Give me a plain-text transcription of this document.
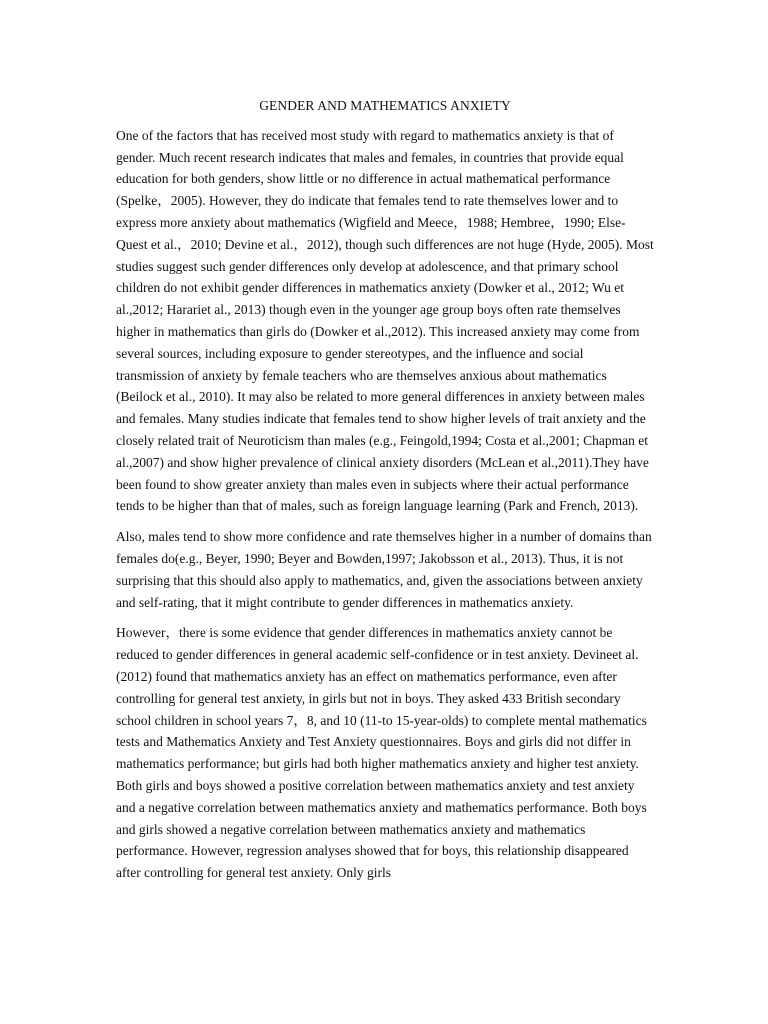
GENDER AND MATHEMATICS ANXIETY

One of the factors that has received most study with regard to mathematics anxiety is that of gender. Much recent research indicates that males and females, in countries that provide equal education for both genders, show little or no difference in actual mathematical performance (Spelke，2005). However, they do indicate that females tend to rate themselves lower and to express more anxiety about mathematics (Wigfield and Meece，1988; Hembree，1990; Else-Quest et al.，2010; Devine et al.，2012), though such differences are not huge (Hyde, 2005). Most studies suggest such gender differences only develop at adolescence, and that primary school children do not exhibit gender differences in mathematics anxiety (Dowker et al., 2012; Wu et al.,2012; Harariet al., 2013) though even in the younger age group boys often rate themselves higher in mathematics than girls do (Dowker et al.,2012). This increased anxiety may come from several sources, including exposure to gender stereotypes, and the influence and social transmission of anxiety by female teachers who are themselves anxious about mathematics (Beilock et al., 2010). It may also be related to more general differences in anxiety between males and females. Many studies indicate that females tend to show higher levels of trait anxiety and the closely related trait of Neuroticism than males (e.g., Feingold,1994; Costa et al.,2001; Chapman et al.,2007) and show higher prevalence of clinical anxiety disorders (McLean et al.,2011).They have been found to show greater anxiety than males even in subjects where their actual performance tends to be higher than that of males, such as foreign language learning (Park and French, 2013).

Also, males tend to show more confidence and rate themselves higher in a number of domains than females do(e.g., Beyer, 1990; Beyer and Bowden,1997; Jakobsson et al., 2013). Thus, it is not surprising that this should also apply to mathematics, and, given the associations between anxiety and self-rating, that it might contribute to gender differences in mathematics anxiety.

However，there is some evidence that gender differences in mathematics anxiety cannot be reduced to gender differences in general academic self-confidence or in test anxiety. Devineet al.(2012) found that mathematics anxiety has an effect on mathematics performance, even after controlling for general test anxiety, in girls but not in boys. They asked 433 British secondary school children in school years 7，8, and 10 (11-to 15-year-olds) to complete mental mathematics tests and Mathematics Anxiety and Test Anxiety questionnaires. Boys and girls did not differ in mathematics performance; but girls had both higher mathematics anxiety and higher test anxiety. Both girls and boys showed a positive correlation between mathematics anxiety and test anxiety and a negative correlation between mathematics anxiety and mathematics performance. Both boys and girls showed a negative correlation between mathematics anxiety and mathematics performance. However, regression analyses showed that for boys, this relationship disappeared after controlling for general test anxiety. Only girls
